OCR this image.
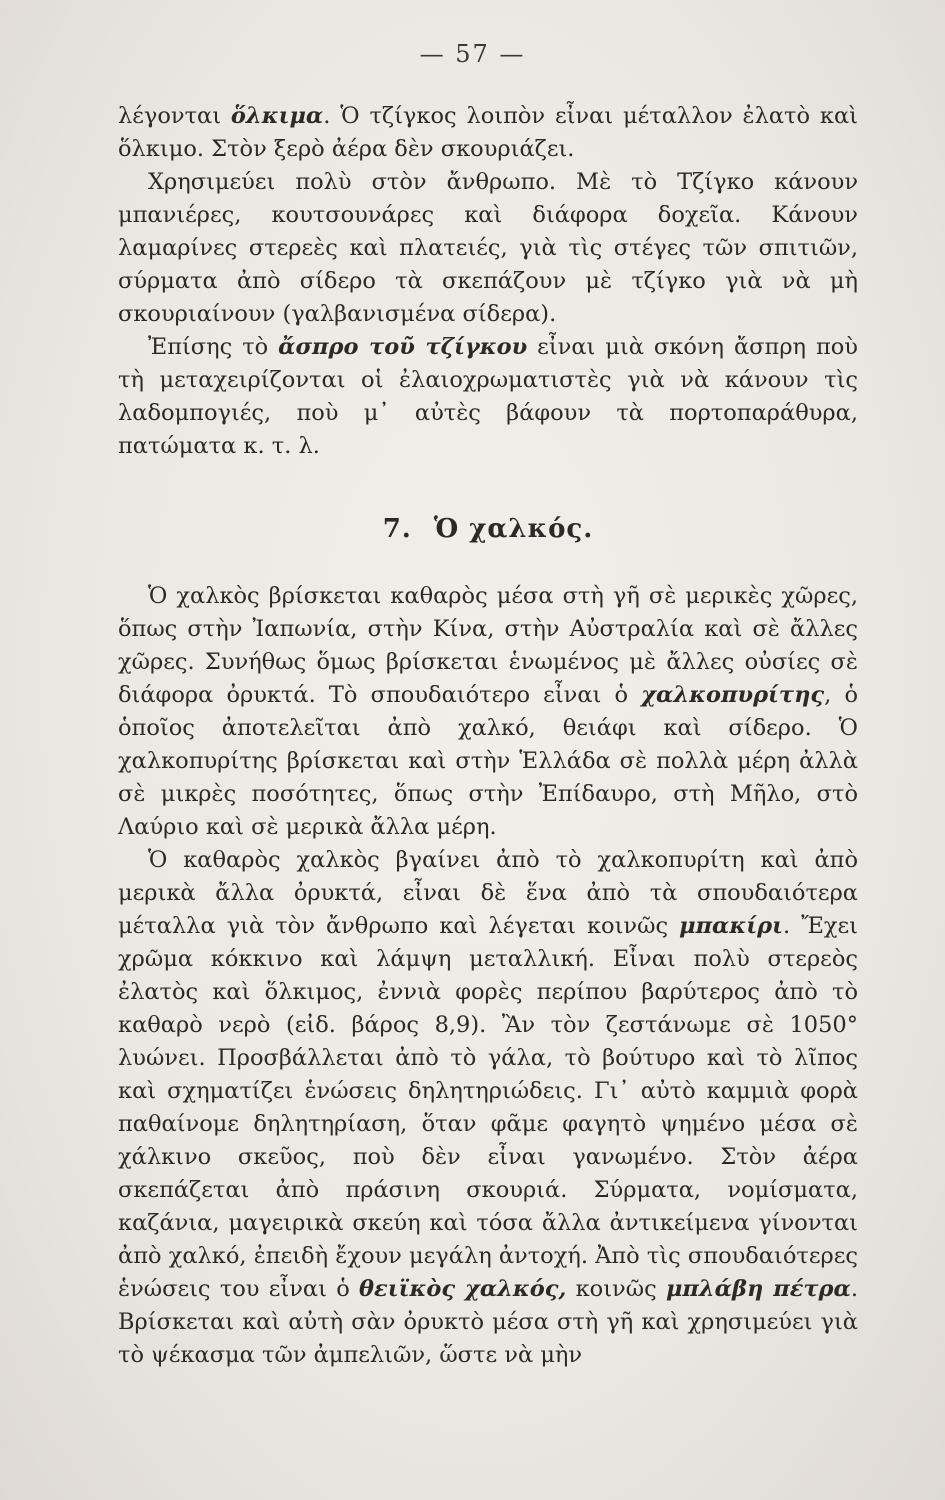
— 57 —

λέγονται ὅλκιμα. Ὁ τζίγκος λοιπὸν εἶναι μέταλλον ἐλατὸ καὶ ὅλκιμο. Στὸν ξερὸ ἀέρα δὲν σκουριάζει.

Χρησιμεύει πολὺ στὸν ἄνθρωπο. Μὲ τὸ Τζίγκο κάνουν μπανιέρες, κουτσουνάρες καὶ διάφορα δοχεῖα. Κάνουν λαμαρίνες στερεὲς καὶ πλατειές, γιὰ τὶς στέγες τῶν σπιτιῶν, σύρματα ἀπὸ σίδερο τὰ σκεπάζουν μὲ τζίγκο γιὰ νὰ μὴ σκουριαίνουν (γαλβανισμένα σίδερα).

Ἐπίσης τὸ ἄσπρο τοῦ τζίγκου εἶναι μιὰ σκόνη ἄσπρη ποὺ τὴ μεταχειρίζονται οἱ ἐλαιοχρωματιστὲς γιὰ νὰ κάνουν τὶς λαδομπογιές, ποὺ μ᾽ αὐτὲς βάφουν τὰ πορτοπαράθυρα, πατώματα κ. τ. λ.

7. Ὁ χαλκός.

Ὁ χαλκὸς βρίσκεται καθαρὸς μέσα στὴ γῆ σὲ μερικὲς χῶρες, ὅπως στὴν Ἰαπωνία, στὴν Κίνα, στὴν Αὐστραλία καὶ σὲ ἄλλες χῶρες. Συνήθως ὅμως βρίσκεται ἑνωμένος μὲ ἄλλες οὐσίες σὲ διάφορα ὀρυκτά. Τὸ σπουδαιότερο εἶναι ὁ χαλκοπυρίτης, ὁ ὁποῖος ἀποτελεῖται ἀπὸ χαλκό, θειάφι καὶ σίδερο. Ὁ χαλκοπυρίτης βρίσκεται καὶ στὴν Ἑλλάδα σὲ πολλὰ μέρη ἀλλὰ σὲ μικρὲς ποσότητες, ὅπως στὴν Ἐπίδαυρο, στὴ Μῆλο, στὸ Λαύριο καὶ σὲ μερικὰ ἄλλα μέρη.

Ὁ καθαρὸς χαλκὸς βγαίνει ἀπὸ τὸ χαλκοπυρίτη καὶ ἀπὸ μερικὰ ἄλλα ὀρυκτά, εἶναι δὲ ἕνα ἀπὸ τὰ σπουδαιότερα μέταλλα γιὰ τὸν ἄνθρωπο καὶ λέγεται κοινῶς μπακίρι. Ἔχει χρῶμα κόκκινο καὶ λάμψη μεταλλική. Εἶναι πολὺ στερεὸς ἐλατὸς καὶ ὅλκιμος, ἐννιὰ φορὲς περίπου βαρύτερος ἀπὸ τὸ καθαρὸ νερὸ (εἰδ. βάρος 8,9). Ἂν τὸν ζεστάνωμε σὲ 1050° λυώνει. Προσβάλλεται ἀπὸ τὸ γάλα, τὸ βούτυρο καὶ τὸ λῖπος καὶ σχηματίζει ἑνώσεις δηλητηριώδεις. Γι᾽ αὐτὸ καμμιὰ φορὰ παθαίνομε δηλητηρίαση, ὅταν φᾶμε φαγητὸ ψημένο μέσα σὲ χάλκινο σκεῦος, ποὺ δὲν εἶναι γανωμένο. Στὸν ἀέρα σκεπάζεται ἀπὸ πράσινη σκουριά. Σύρματα, νομίσματα, καζάνια, μαγειρικὰ σκεύη καὶ τόσα ἄλλα ἀντικείμενα γίνονται ἀπὸ χαλκό, ἐπειδὴ ἔχουν μεγάλη ἀντοχή. Ἀπὸ τὶς σπουδαιότερες ἑνώσεις του εἶναι ὁ θειϊκὸς χαλκός, κοινῶς μπλάβη πέτρα. Βρίσκεται καὶ αὐτὴ σὰν ὀρυκτὸ μέσα στὴ γῆ καὶ χρησιμεύει γιὰ τὸ ψέκασμα τῶν ἀμπελιῶν, ὥστε νὰ μὴν
